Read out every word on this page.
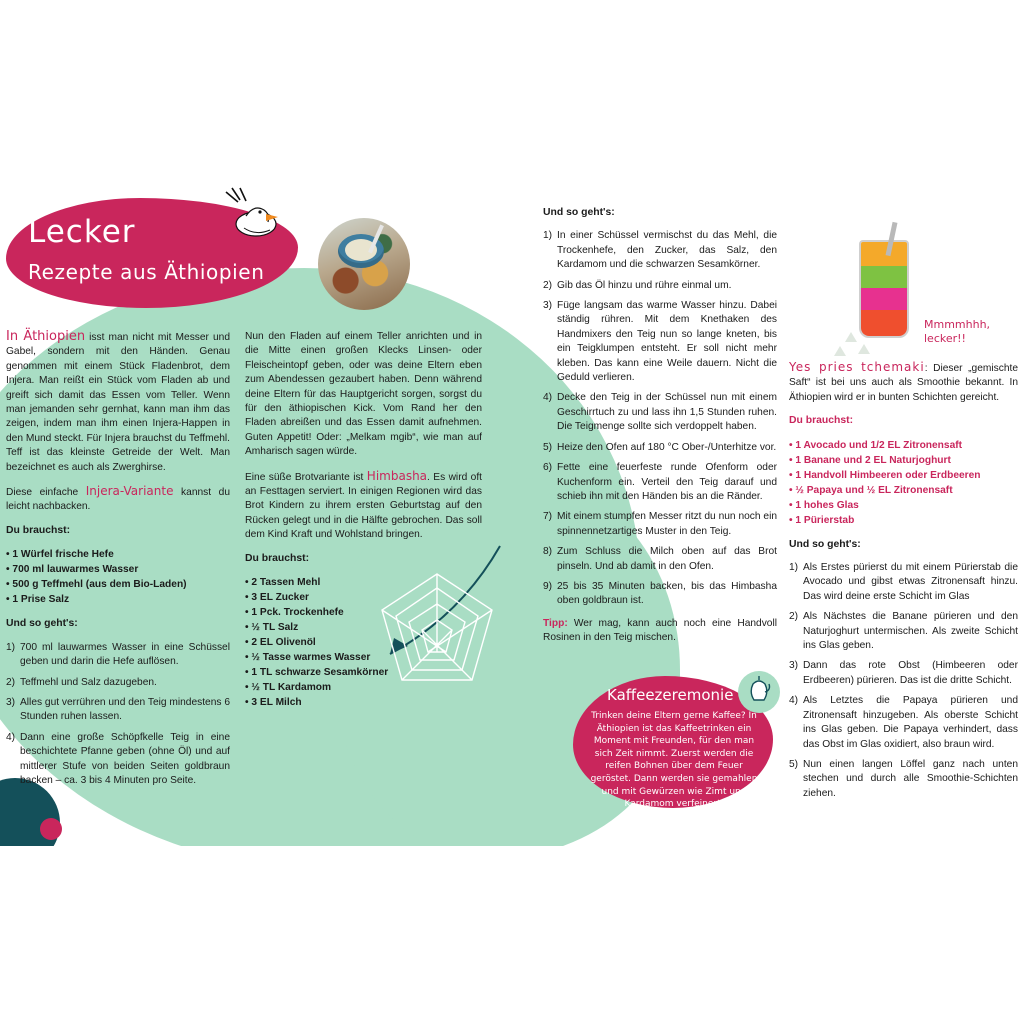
Lecker
Rezepte aus Äthiopien

In Äthiopien isst man nicht mit Messer und Gabel, sondern mit den Händen. Genau genommen mit einem Stück Fladenbrot, dem Injera. Man reißt ein Stück vom Fladen ab und greift sich damit das Essen vom Teller. Wenn man jemanden sehr gernhat, kann man ihm das zeigen, indem man ihm einen Injera-Happen in den Mund steckt. Für Injera brauchst du Teffmehl. Teff ist das kleinste Getreide der Welt. Man bezeichnet es auch als Zwerghirse.

Diese einfache Injera-Variante kannst du leicht nachbacken.

Du brauchst:

• 1 Würfel frische Hefe
• 700 ml lauwarmes Wasser
• 500 g Teffmehl (aus dem Bio-Laden)
• 1 Prise Salz

Und so geht's:

700 ml lauwarmes Wasser in eine Schüssel geben und darin die Hefe auflösen.
Teffmehl und Salz dazugeben.
Alles gut verrühren und den Teig mindestens 6 Stunden ruhen lassen.
Dann eine große Schöpfkelle Teig in eine beschichtete Pfanne geben (ohne Öl) und auf mittlerer Stufe von beiden Seiten goldbraun backen – ca. 3 bis 4 Minuten pro Seite.

Nun den Fladen auf einem Teller anrichten und in die Mitte einen großen Klecks Linsen- oder Fleischeintopf geben, oder was deine Eltern eben zum Abendessen gezaubert haben. Denn während deine Eltern für das Hauptgericht sorgen, sorgst du für den äthiopischen Kick. Vom Rand her den Fladen abreißen und das Essen damit aufnehmen. Guten Appetit! Oder: „Melkam mgib“, wie man auf Amharisch sagen würde.

Eine süße Brotvariante ist Himbasha. Es wird oft an Festtagen serviert. In einigen Regionen wird das Brot Kindern zu ihrem ersten Geburtstag auf den Rücken gelegt und in die Hälfte gebrochen. Das soll dem Kind Kraft und Wohlstand bringen.

Du brauchst:

• 2 Tassen Mehl
• 3 EL Zucker
• 1 Pck. Trockenhefe
• ½ TL Salz
• 2 EL Olivenöl
• ½ Tasse warmes Wasser
• 1 TL schwarze Sesamkörner
• ½ TL Kardamom
• 3 EL Milch

Und so geht's:

In einer Schüssel vermischst du das Mehl, die Trockenhefe, den Zucker, das Salz, den Kardamom und die schwarzen Sesamkörner.
Gib das Öl hinzu und rühre einmal um.
Füge langsam das warme Wasser hinzu. Dabei ständig rühren. Mit dem Knethaken des Handmixers den Teig nun so lange kneten, bis ein Teigklumpen entsteht. Er soll nicht mehr kleben. Das kann eine Weile dauern. Nicht die Geduld verlieren.
Decke den Teig in der Schüssel nun mit einem Geschirrtuch zu und lass ihn 1,5 Stunden ruhen. Die Teigmenge sollte sich verdoppelt haben.
Heize den Ofen auf 180 °C Ober-/Unterhitze vor.
Fette eine feuerfeste runde Ofenform oder Kuchenform ein. Verteil den Teig darauf und schieb ihn mit den Händen bis an die Ränder.
Mit einem stumpfen Messer ritzt du nun noch ein spinnennetzartiges Muster in den Teig.
Zum Schluss die Milch oben auf das Brot pinseln. Und ab damit in den Ofen.
25 bis 35 Minuten backen, bis das Himbasha oben goldbraun ist.

Tipp: Wer mag, kann auch noch eine Handvoll Rosinen in den Teig mischen.

Kaffeezeremonie
Trinken deine Eltern gerne Kaffee? In Äthiopien ist das Kaffeetrinken ein Moment mit Freunden, für den man sich Zeit nimmt. Zuerst werden die reifen Bohnen über dem Feuer geröstet. Dann werden sie gemahlen und mit Gewürzen wie Zimt und Kardamom verfeinert.
Mmmmhhh,
lecker!!

Yes pries tchemaki: Dieser „gemischte Saft“ ist bei uns auch als Smoothie bekannt. In Äthiopien wird er in bunten Schichten gereicht.

Du brauchst:

• 1 Avocado und 1/2 EL Zitronensaft
• 1 Banane und 2 EL Naturjoghurt
• 1 Handvoll Himbeeren oder Erdbeeren
• ½ Papaya und ½ EL Zitronensaft
• 1 hohes Glas
• 1 Pürierstab

Und so geht's:

Als Erstes pürierst du mit einem Pürierstab die Avocado und gibst etwas Zitronensaft hinzu. Das wird deine erste Schicht im Glas
Als Nächstes die Banane pürieren und den Naturjoghurt untermischen. Als zweite Schicht ins Glas geben.
Dann das rote Obst (Himbeeren oder Erdbeeren) pürieren. Das ist die dritte Schicht.
Als Letztes die Papaya pürieren und Zitronensaft hinzugeben. Als oberste Schicht ins Glas geben. Die Papaya verhindert, dass das Obst im Glas oxidiert, also braun wird.
Nun einen langen Löffel ganz nach unten stechen und durch alle Smoothie-Schichten ziehen.
